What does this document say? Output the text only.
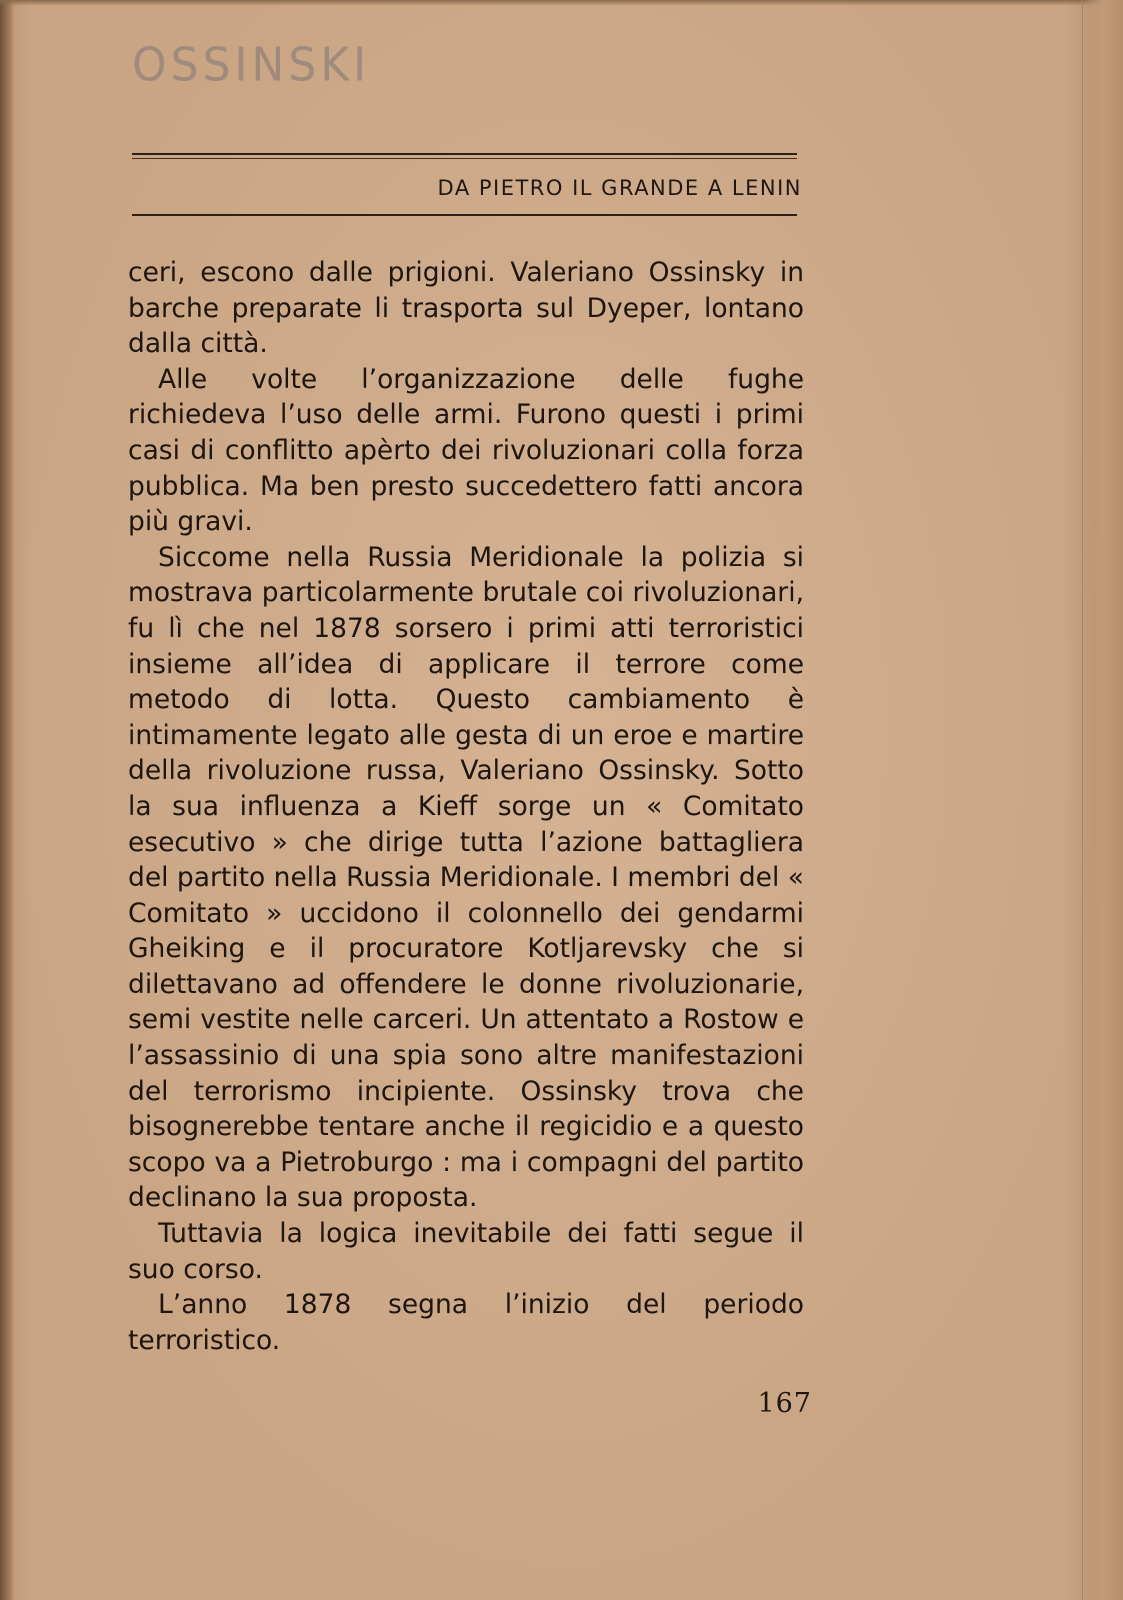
OSSINSKI
DA PIETRO IL GRANDE A LENIN

ceri, escono dalle prigioni. Valeriano Ossinsky in barche preparate li trasporta sul Dyeper, lontano dalla città.

Alle volte l’organizzazione delle fughe richiedeva l’uso delle armi. Furono questi i primi casi di conflitto apèrto dei rivoluzionari colla forza pubblica. Ma ben presto succedettero fatti ancora più gravi.

Siccome nella Russia Meridionale la polizia si mostrava particolarmente brutale coi rivoluzionari, fu lì che nel 1878 sorsero i primi atti terroristici insieme all’idea di applicare il terrore come metodo di lotta. Questo cambiamento è intimamente legato alle gesta di un eroe e martire della rivoluzione russa, Valeriano Ossinsky. Sotto la sua influenza a Kieff sorge un « Comitato esecutivo » che dirige tutta l’azione battagliera del partito nella Russia Meridionale. I membri del « Comitato » uccidono il colonnello dei gendarmi Gheiking e il procuratore Kotljarevsky che si dilettavano ad offendere le donne rivoluzionarie, semi vestite nelle carceri. Un attentato a Rostow e l’assassinio di una spia sono altre manifestazioni del terrorismo incipiente. Ossinsky trova che bisognerebbe tentare anche il regicidio e a questo scopo va a Pietroburgo : ma i compagni del partito declinano la sua proposta.

Tuttavia la logica inevitabile dei fatti segue il suo corso.

L’anno 1878 segna l’inizio del periodo terroristico.

167
